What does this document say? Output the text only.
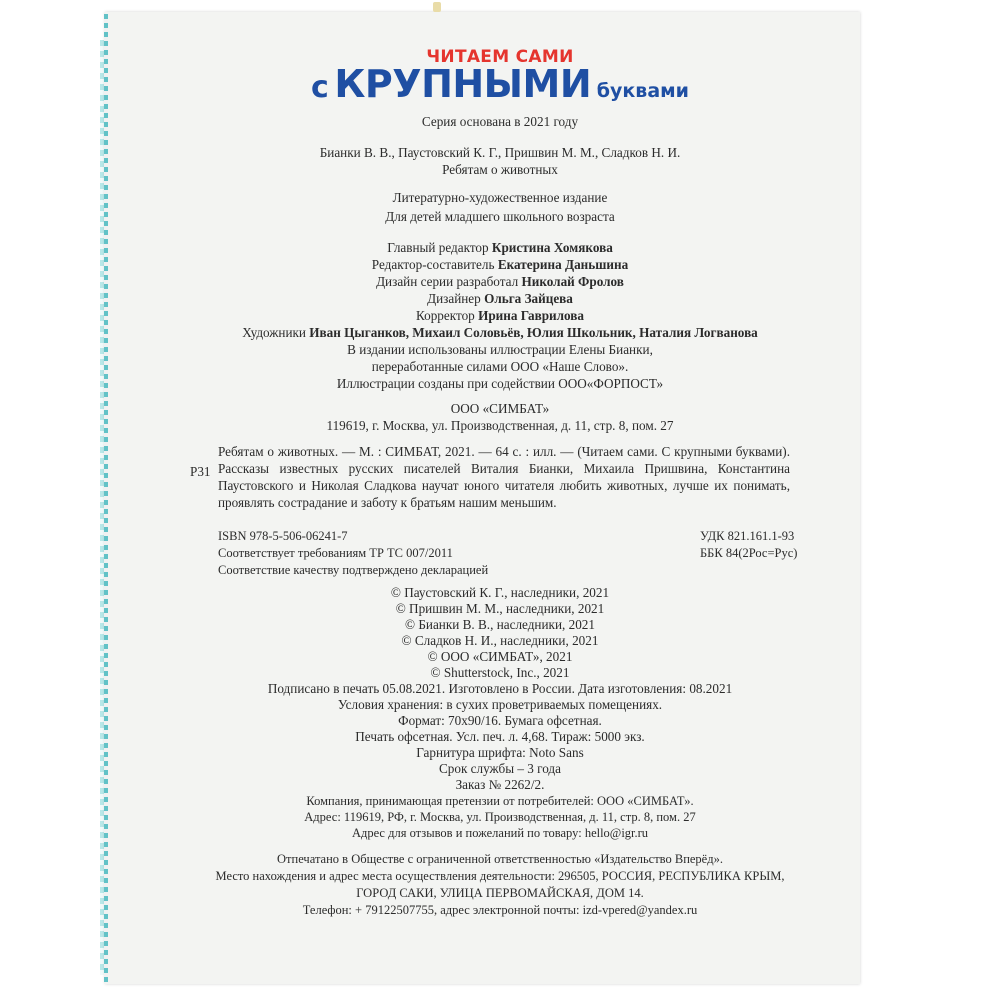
ЧИТАЕМ САМИ
с КРУПНЫМИ буквами
Серия основана в 2021 году
Бианки В. В., Паустовский К. Г., Пришвин М. М., Сладков Н. И.
Ребятам о животных
Литературно-художественное издание
Для детей младшего школьного возраста
Главный редактор Кристина Хомякова
Редактор-составитель Екатерина Даньшина
Дизайн серии разработал Николай Фролов
Дизайнер Ольга Зайцева
Корректор Ирина Гаврилова
Художники Иван Цыганков, Михаил Соловьёв, Юлия Школьник, Наталия Логванова
В издании использованы иллюстрации Елены Бианки,
переработанные силами ООО «Наше Слово».
Иллюстрации созданы при содействии ООО«ФОРПОСТ»
ООО «СИМБАТ»
119619, г. Москва, ул. Производственная, д. 11, стр. 8, пом. 27
Р31
Ребятам о животных. — М. : СИМБАТ, 2021. — 64 с. : илл. — (Читаем сами. С крупными буквами). Рассказы известных русских писателей Виталия Бианки, Михаила Пришвина, Константина Паустовского и Николая Сладкова научат юного читателя любить животных, лучше их понимать, проявлять сострадание и заботу к братьям нашим меньшим.
ISBN 978-5-506-06241-7
Соответствует требованиям ТР ТС 007/2011
Соответствие качеству подтверждено декларацией
УДК 821.161.1-93
ББК 84(2Рос=Рус)
© Паустовский К. Г., наследники, 2021
© Пришвин М. М., наследники, 2021
© Бианки В. В., наследники, 2021
© Сладков Н. И., наследники, 2021
© ООО «СИМБАТ», 2021
© Shutterstock, Inc., 2021
Подписано в печать 05.08.2021. Изготовлено в России. Дата изготовления: 08.2021
Условия хранения: в сухих проветриваемых помещениях.
Формат: 70х90/16. Бумага офсетная.
Печать офсетная. Усл. печ. л. 4,68. Тираж: 5000 экз.
Гарнитура шрифта: Noto Sans
Срок службы – 3 года
Заказ № 2262/2.
Компания, принимающая претензии от потребителей: ООО «СИМБАТ».
Адрес: 119619, РФ, г. Москва, ул. Производственная, д. 11, стр. 8, пом. 27
Адрес для отзывов и пожеланий по товару: hello@igr.ru
Отпечатано в Обществе с ограниченной ответственностью «Издательство Вперёд».
Место нахождения и адрес места осуществления деятельности: 296505, РОССИЯ, РЕСПУБЛИКА КРЫМ,
ГОРОД САКИ, УЛИЦА ПЕРВОМАЙСКАЯ, ДОМ 14.
Телефон: + 79122507755, адрес электронной почты: izd-vpered@yandex.ru
